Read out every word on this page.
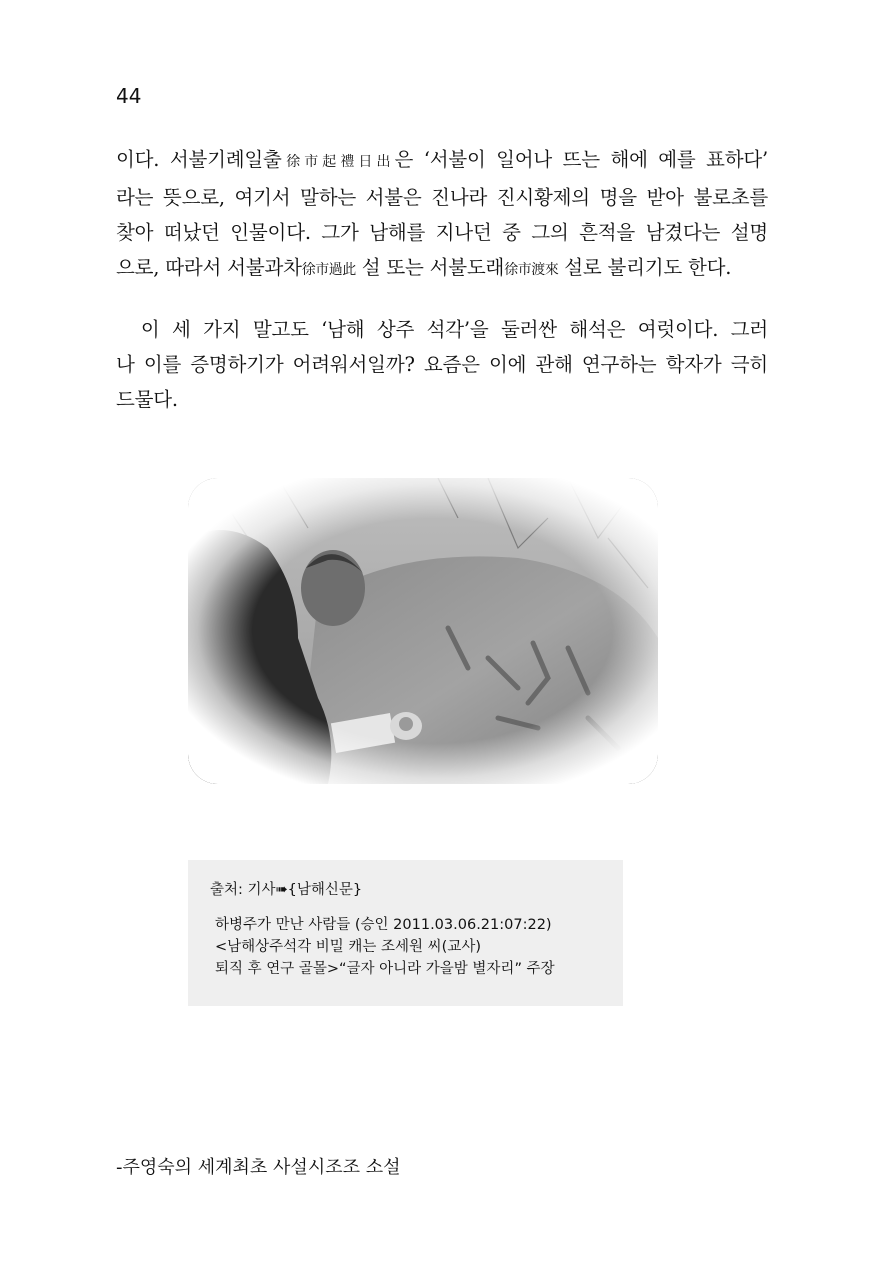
44
이다. 서불기례일출徐市起禮日出은 ‘서불이 일어나 뜨는 해에 예를 표하다’
라는 뜻으로, 여기서 말하는 서불은 진나라 진시황제의 명을 받아 불로초를
찾아 떠났던 인물이다. 그가 남해를 지나던 중 그의 흔적을 남겼다는 설명
으로, 따라서 서불과차徐市過此 설 또는 서불도래徐市渡來 설로 불리기도 한다.
이 세 가지 말고도 ‘남해 상주 석각’을 둘러싼 해석은 여럿이다. 그러
나 이를 증명하기가 어려워서일까? 요즘은 이에 관해 연구하는 학자가 극히
드물다.
출처: 기사➠{남해신문}
하병주가 만난 사람들 (승인 2011.03.06.21:07:22)
<남해상주석각 비밀 캐는 조세원 씨(교사)
퇴직 후 연구 골몰>“글자 아니라 가을밤 별자리” 주장
-주영숙의 세계최초 사설시조조 소설
